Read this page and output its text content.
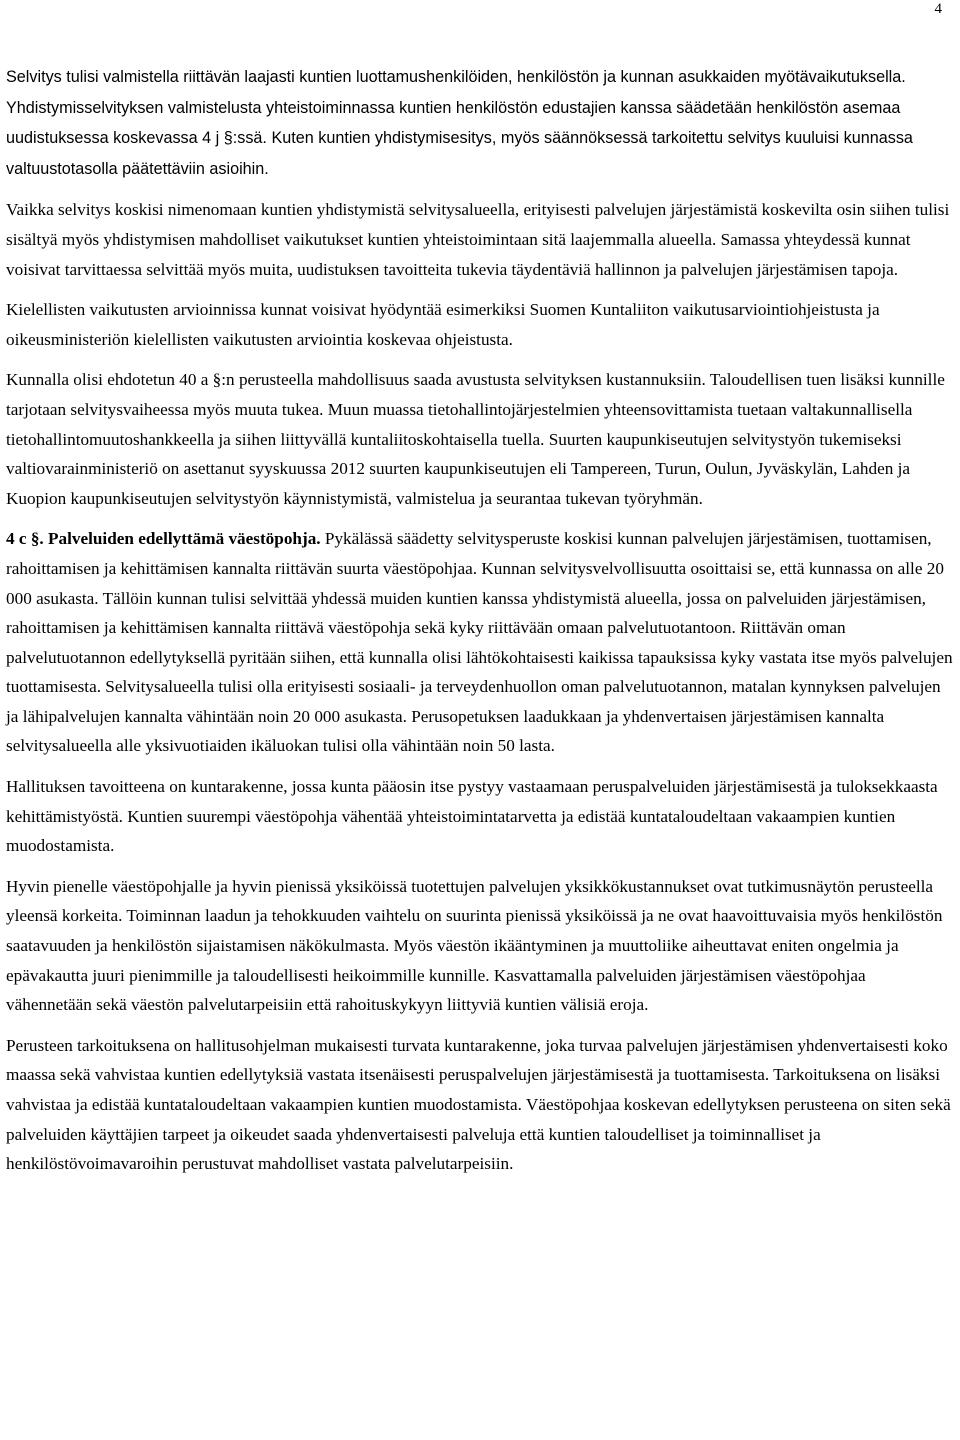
4

Selvitys tulisi valmistella riittävän laajasti kuntien luottamushenkilöiden, henkilöstön ja kunnan asukkaiden myötävaikutuksella. Yhdistymisselvityksen valmistelusta yhteistoiminnassa kuntien henkilöstön edustajien kanssa säädetään henkilöstön asemaa uudistuksessa koskevassa 4 j §:ssä. Kuten kuntien yhdistymisesitys, myös säännöksessä tarkoitettu selvitys kuuluisi kunnassa valtuustotasolla päätettäviin asioihin.

Vaikka selvitys koskisi nimenomaan kuntien yhdistymistä selvitysalueella, erityisesti palvelujen järjestämistä koskevilta osin siihen tulisi sisältyä myös yhdistymisen mahdolliset vaikutukset kuntien yhteistoimintaan sitä laajemmalla alueella. Samassa yhteydessä kunnat voisivat tarvittaessa selvittää myös muita, uudistuksen tavoitteita tukevia täydentäviä hallinnon ja palvelujen järjestämisen tapoja.

Kielellisten vaikutusten arvioinnissa kunnat voisivat hyödyntää esimerkiksi Suomen Kuntaliiton vaikutusarviointiohjeistusta ja oikeusministeriön kielellisten vaikutusten arviointia koskevaa ohjeistusta.

Kunnalla olisi ehdotetun 40 a §:n perusteella mahdollisuus saada avustusta selvityksen kustannuksiin. Taloudellisen tuen lisäksi kunnille tarjotaan selvitysvaiheessa myös muuta tukea. Muun muassa tietohallintojärjestelmien yhteensovittamista tuetaan valtakunnallisella tietohallintomuutoshankkeella ja siihen liittyvällä kuntaliitoskohtaisella tuella. Suurten kaupunkiseutujen selvitystyön tukemiseksi valtiovarainministeriö on asettanut syyskuussa 2012 suurten kaupunkiseutujen eli Tampereen, Turun, Oulun, Jyväskylän, Lahden ja Kuopion kaupunkiseutujen selvitystyön käynnistymistä, valmistelua ja seurantaa tukevan työryhmän.

4 c §. Palveluiden edellyttämä väestöpohja. Pykälässä säädetty selvitysperuste koskisi kunnan palvelujen järjestämisen, tuottamisen, rahoittamisen ja kehittämisen kannalta riittävän suurta väestöpohjaa. Kunnan selvitysvelvollisuutta osoittaisi se, että kunnassa on alle 20 000 asukasta. Tällöin kunnan tulisi selvittää yhdessä muiden kuntien kanssa yhdistymistä alueella, jossa on palveluiden järjestämisen, rahoittamisen ja kehittämisen kannalta riittävä väestöpohja sekä kyky riittävään omaan palvelutuotantoon. Riittävän oman palvelutuotannon edellytyksellä pyritään siihen, että kunnalla olisi lähtökohtaisesti kaikissa tapauksissa kyky vastata itse myös palvelujen tuottamisesta. Selvitysalueella tulisi olla erityisesti sosiaali- ja terveydenhuollon oman palvelutuotannon, matalan kynnyksen palvelujen ja lähipalvelujen kannalta vähintään noin 20 000 asukasta. Perusopetuksen laadukkaan ja yhdenvertaisen järjestämisen kannalta selvitysalueella alle yksivuotiaiden ikäluokan tulisi olla vähintään noin 50 lasta.

Hallituksen tavoitteena on kuntarakenne, jossa kunta pääosin itse pystyy vastaamaan peruspalveluiden järjestämisestä ja tuloksekkaasta kehittämistyöstä. Kuntien suurempi väestöpohja vähentää yhteistoimintatarvetta ja edistää kuntataloudeltaan vakaampien kuntien muodostamista.

Hyvin pienelle väestöpohjalle ja hyvin pienissä yksiköissä tuotettujen palvelujen yksikkökustannukset ovat tutkimusnäytön perusteella yleensä korkeita. Toiminnan laadun ja tehokkuuden vaihtelu on suurinta pienissä yksiköissä ja ne ovat haavoittuvaisia myös henkilöstön saatavuuden ja henkilöstön sijaistamisen näkökulmasta. Myös väestön ikääntyminen ja muuttoliike aiheuttavat eniten ongelmia ja epävakautta juuri pienimmille ja taloudellisesti heikoimmille kunnille. Kasvattamalla palveluiden järjestämisen väestöpohjaa vähennetään sekä väestön palvelutarpeisiin että rahoituskykyyn liittyviä kuntien välisiä eroja.

Perusteen tarkoituksena on hallitusohjelman mukaisesti turvata kuntarakenne, joka turvaa palvelujen järjestämisen yhdenvertaisesti koko maassa sekä vahvistaa kuntien edellytyksiä vastata itsenäisesti peruspalvelujen järjestämisestä ja tuottamisesta. Tarkoituksena on lisäksi vahvistaa ja edistää kuntataloudeltaan vakaampien kuntien muodostamista. Väestöpohjaa koskevan edellytyksen perusteena on siten sekä palveluiden käyttäjien tarpeet ja oikeudet saada yhdenvertaisesti palveluja että kuntien taloudelliset ja toiminnalliset ja henkilöstövoimavaroihin perustuvat mahdolliset vastata palvelutarpeisiin.
